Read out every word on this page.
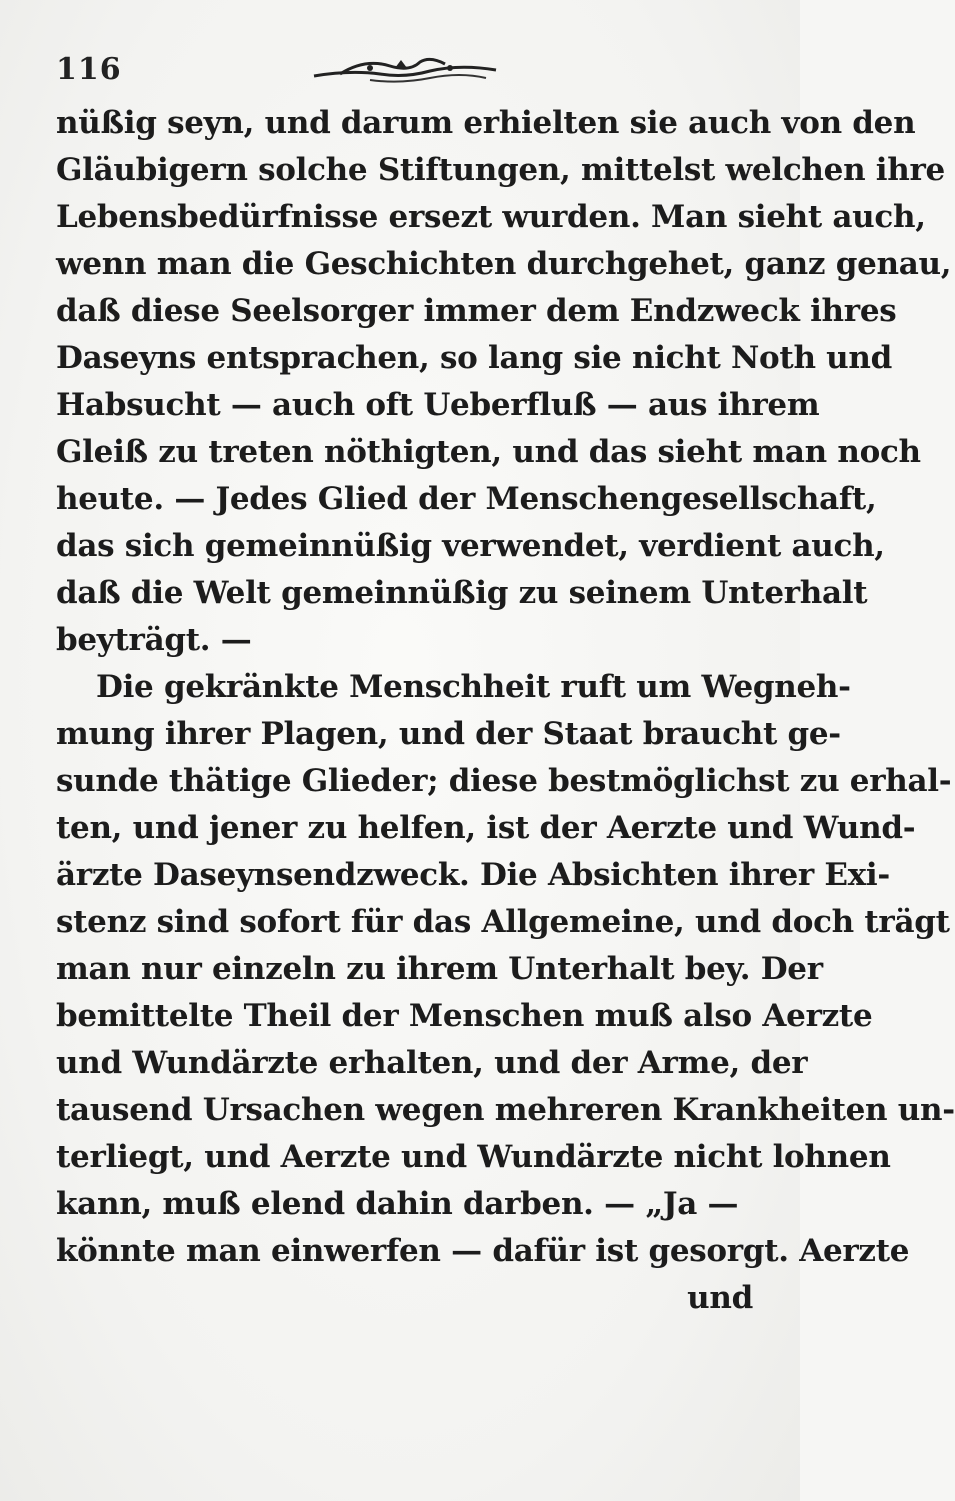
116
nüßig seyn, und darum erhielten sie auch von den
Gläubigern solche Stiftungen, mittelst welchen ihre
Lebensbedürfnisse ersezt wurden. Man sieht auch,
wenn man die Geschichten durchgehet, ganz genau,
daß diese Seelsorger immer dem Endzweck ihres
Daseyns entsprachen, so lang sie nicht Noth und
Habsucht — auch oft Ueberfluß — aus ihrem
Gleiß zu treten nöthigten, und das sieht man noch
heute. — Jedes Glied der Menschengesellschaft,
das sich gemeinnüßig verwendet, verdient auch,
daß die Welt gemeinnüßig zu seinem Unterhalt
beyträgt. —
Die gekränkte Menschheit ruft um Wegneh-
mung ihrer Plagen, und der Staat braucht ge-
sunde thätige Glieder; diese bestmöglichst zu erhal-
ten, und jener zu helfen, ist der Aerzte und Wund-
ärzte Daseynsendzweck. Die Absichten ihrer Exi-
stenz sind sofort für das Allgemeine, und doch trägt
man nur einzeln zu ihrem Unterhalt bey. Der
bemittelte Theil der Menschen muß also Aerzte
und Wundärzte erhalten, und der Arme, der
tausend Ursachen wegen mehreren Krankheiten un-
terliegt, und Aerzte und Wundärzte nicht lohnen
kann, muß elend dahin darben. — „Ja —
könnte man einwerfen — dafür ist gesorgt. Aerzte
und
